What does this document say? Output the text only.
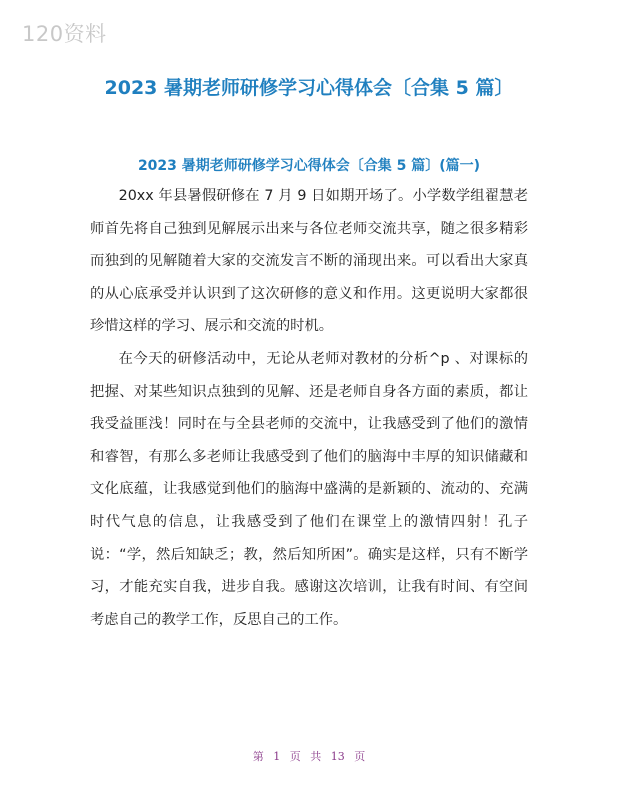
120资料
2023 暑期老师研修学习心得体会〔合集 5 篇〕
2023 暑期老师研修学习心得体会〔合集 5 篇〕(篇一)

20xx 年县暑假研修在 7 月 9 日如期开场了。小学数学组翟慧老师首先将自己独到见解展示出来与各位老师交流共享，随之很多精彩而独到的见解随着大家的交流发言不断的涌现出来。可以看出大家真的从心底承受并认识到了这次研修的意义和作用。这更说明大家都很珍惜这样的学习、展示和交流的时机。

在今天的研修活动中，无论从老师对教材的分析^p 、对课标的把握、对某些知识点独到的见解、还是老师自身各方面的素质，都让我受益匪浅！同时在与全县老师的交流中，让我感受到了他们的激情和睿智，有那么多老师让我感受到了他们的脑海中丰厚的知识储藏和文化底蕴，让我感觉到他们的脑海中盛满的是新颖的、流动的、充满时代气息的信息，让我感受到了他们在课堂上的激情四射！孔子说：“学，然后知缺乏；教，然后知所困”。确实是这样，只有不断学习，才能充实自我，进步自我。感谢这次培训，让我有时间、有空间考虑自己的教学工作，反思自己的工作。

第 1 页 共 13 页
